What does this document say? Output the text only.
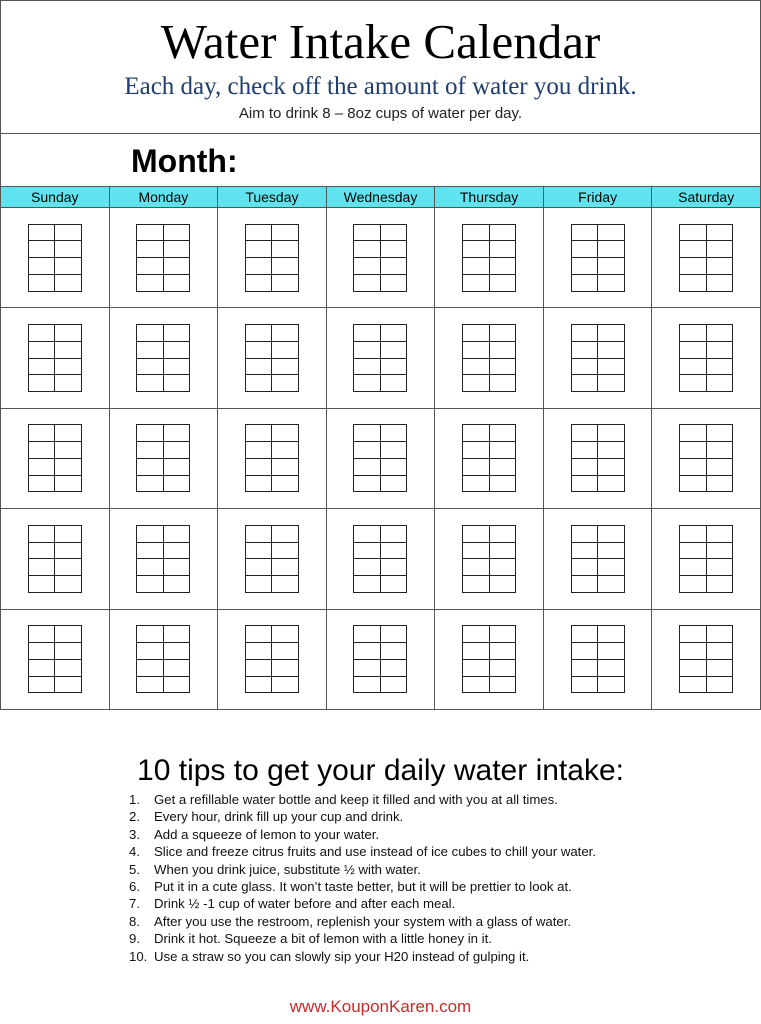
Water Intake Calendar
Each day, check off the amount of water you drink.
Aim to drink 8 – 8oz cups of water per day.
Month:
Sunday	Monday	Tuesday	Wednesday	Thursday	Friday	Saturday
10 tips to get your daily water intake:
1.	Get a refillable water bottle and keep it filled and with you at all times.
2.	Every hour, drink fill up your cup and drink.
3.	Add a squeeze of lemon to your water.
4.	Slice and freeze citrus fruits and use instead of ice cubes to chill your water.
5.	When you drink juice, substitute ½ with water.
6.	Put it in a cute glass. It won’t taste better, but it will be prettier to look at.
7.	Drink ½ -1 cup of water before and after each meal.
8.	After you use the restroom, replenish your system with a glass of water.
9.	Drink it hot. Squeeze a bit of lemon with a little honey in it.
10. Use a straw so you can slowly sip your H20 instead of gulping it.
www.KouponKaren.com
